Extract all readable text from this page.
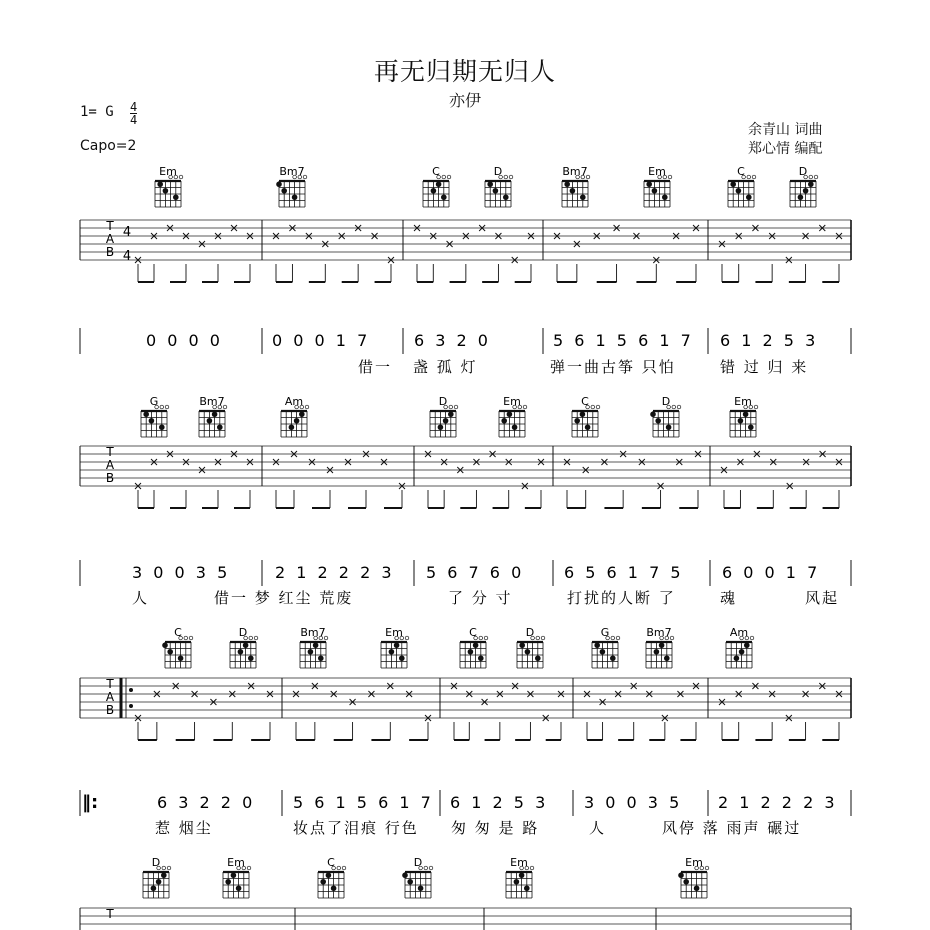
再无归期无归人
亦伊
1= G 4
4
Capo=2
余青山 词曲
郑心情 编配
T
A
B
4
4
Em	Bm7	C	D	Bm7	Em	C	D
0 0 0 0	0 0 0 1 7	6 3 2 0	5 6 1 5 6 1 7 6 1 2 5 3
借一 盏 孤 灯	弹一曲古筝 只怕	错 过 归 来
T
A
B
G	Bm7	Am	D	Em	C	D	Em
3 0 0 3 5	2 1 2 2 2 3 5 6 7 6 0 6 5 6 1 7 5 6 0 0 1 7
人	借一 梦 红尘 荒废	了 分 寸	打扰的人断 了	魂	风起
T
A
B
C	D	Bm7	Em	C	D	G	Bm7	Am
6 3 2 2 0 5 6 1 5 6 1 7 6 1 2 5 3 3 0 0 3 5 2 1 2 2 2 3
惹 烟尘	妆点了泪痕 行色 匆 匆 是 路	人	风停 落 雨声 碾过
‖:
T
D	Em	C	D	Em	Em
